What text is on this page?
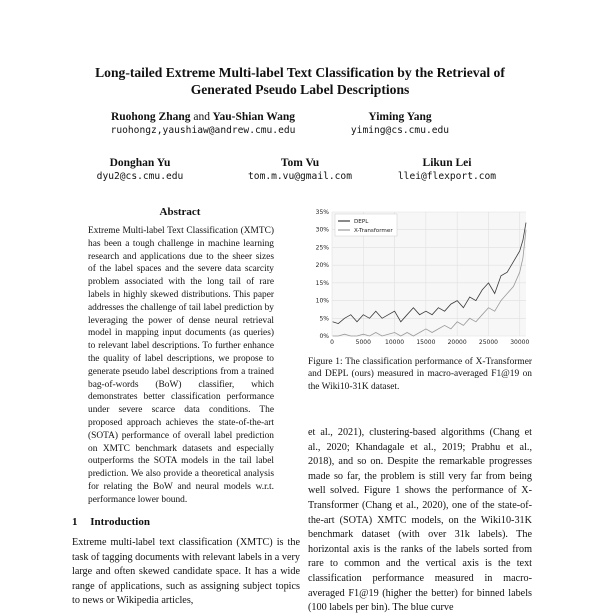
Long-tailed Extreme Multi-label Text Classification by the Retrieval of
Generated Pseudo Label Descriptions
Ruohong Zhang and Yau-Shian Wang
ruohongz,yaushiaw@andrew.cmu.edu
Yiming Yang
yiming@cs.cmu.edu
Donghan Yu
dyu2@cs.cmu.edu
Tom Vu
tom.m.vu@gmail.com
Likun Lei
llei@flexport.com
Abstract
Extreme Multi-label Text Classification (XMTC) has been a tough challenge in machine learning research and applications due to the sheer sizes of the label spaces and the severe data scarcity problem associated with the long tail of rare labels in highly skewed distributions. This paper addresses the challenge of tail label prediction by leveraging the power of dense neural retrieval model in mapping input documents (as queries) to relevant label descriptions. To further enhance the quality of label descriptions, we propose to generate pseudo label descriptions from a trained bag-of-words (BoW) classifier, which demonstrates better classification performance under severe scarce data conditions. The proposed approach achieves the state-of-the-art (SOTA) performance of overall label prediction on XMTC benchmark datasets and especially outperforms the SOTA models in the tail label prediction. We also provide a theoretical analysis for relating the BoW and neural models w.r.t. performance lower bound.
1 Introduction
Extreme multi-label text classification (XMTC) is the task of tagging documents with relevant labels in a very large and often skewed candidate space. It has a wide range of applications, such as assigning subject topics to news or Wikipedia articles,
0%
5%
10%
15%
20%
25%
30%
35%
0	5000 10000 15000 20000 25000 30000
DEPL
X-Transformer
Figure 1: The classification performance of X-Transformer and DEPL (ours) measured in macro-averaged F1@19 on the Wiki10-31K dataset.
et al., 2021), clustering-based algorithms (Chang et al., 2020; Khandagale et al., 2019; Prabhu et al., 2018), and so on. Despite the remarkable progresses made so far, the problem is still very far from being well solved. Figure 1 shows the performance of X-Transformer (Chang et al., 2020), one of the state-of-the-art (SOTA) XMTC models, on the Wiki10-31K benchmark dataset (with over 31k labels). The horizontal axis is the ranks of the labels sorted from rare to common and the vertical axis is the text classification performance measured in macro-averaged F1@19 (higher the better) for binned labels (100 labels per bin). The blue curve
